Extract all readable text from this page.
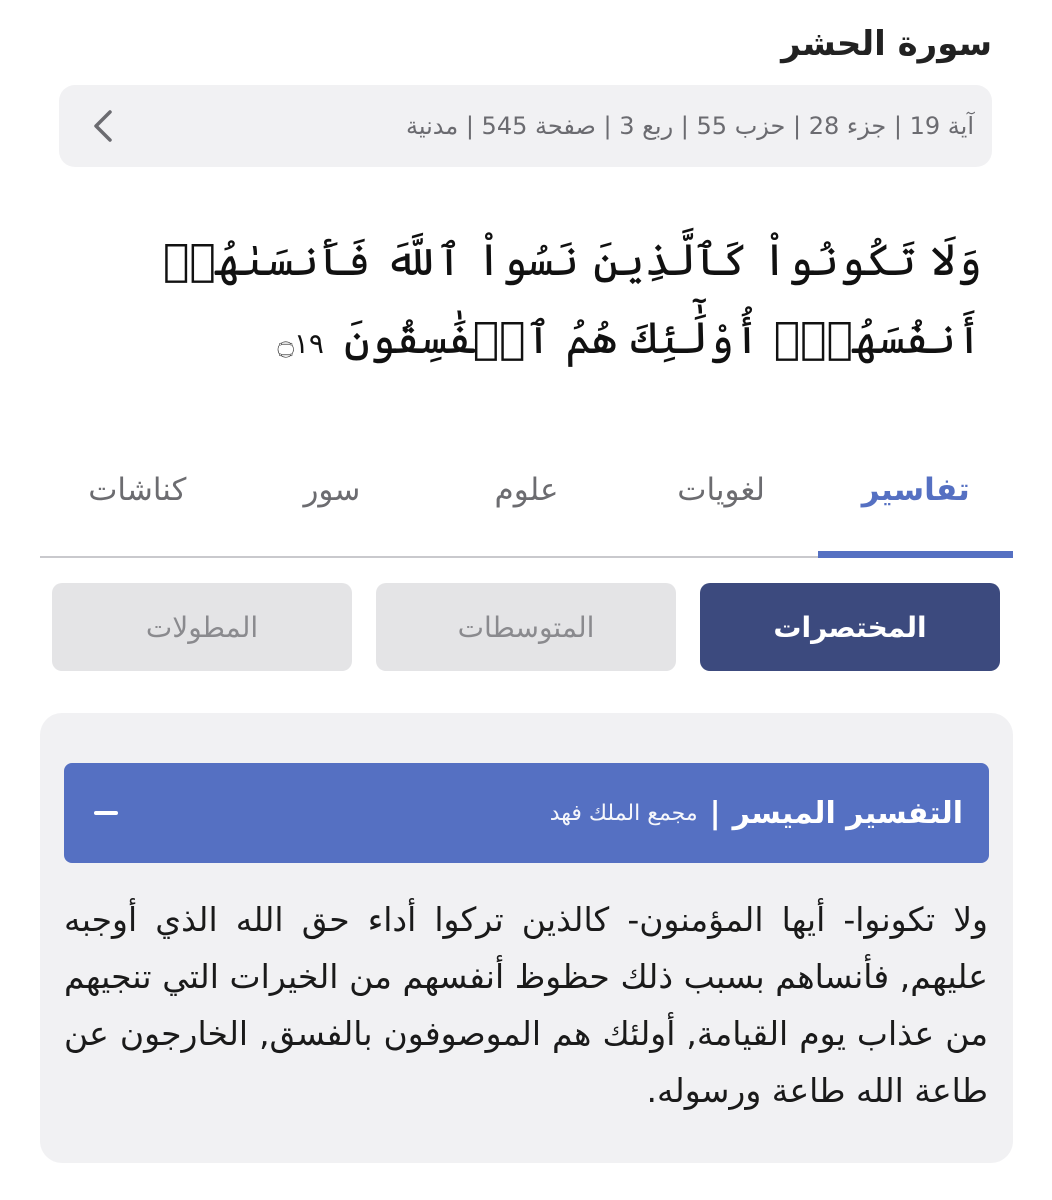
سورة الحشر
آية 19 | جزء 28 | حزب 55 | ربع 3 | صفحة 545 | مدنية
وَلَا تَكُونُواْ كَٱلَّذِينَ نَسُواْ ٱللَّهَ فَأَنسَىٰهُمۡ أَنفُسَهُمۡۚ أُوْلَٰٓئِكَ هُمُ ٱلۡفَٰسِقُونَ ۝١٩
تفاسير
لغويات
علوم
سور
كناشات
المختصرات
المتوسطات
المطولات
التفسير الميسر
|
مجمع الملك فهد
ولا تكونوا- أيها المؤمنون- كالذين تركوا أداء حق الله الذي أوجبه عليهم, فأنساهم بسبب ذلك حظوظ أنفسهم من الخيرات التي تنجيهم من عذاب يوم القيامة, أولئك هم الموصوفون بالفسق, الخارجون عن طاعة الله طاعة ورسوله.
